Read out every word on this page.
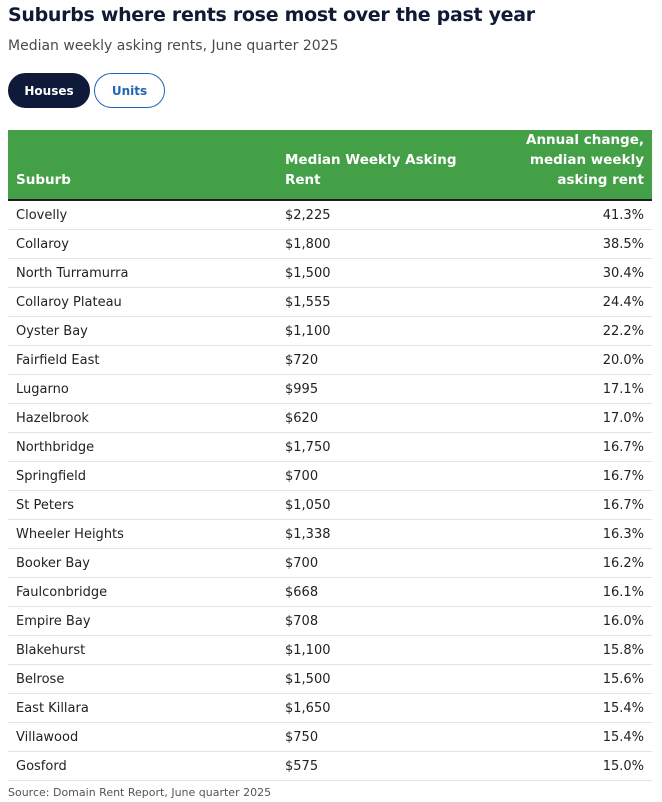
Suburbs where rents rose most over the past year
Median weekly asking rents, June quarter 2025
Houses	Units
Suburb	Median Weekly Asking Rent	Annual change, median weekly asking rent
Clovelly	$2,225	41.3%
Collaroy	$1,800	38.5%
North Turramurra	$1,500	30.4%
Collaroy Plateau	$1,555	24.4%
Oyster Bay	$1,100	22.2%
Fairfield East	$720	20.0%
Lugarno	$995	17.1%
Hazelbrook	$620	17.0%
Northbridge	$1,750	16.7%
Springfield	$700	16.7%
St Peters	$1,050	16.7%
Wheeler Heights	$1,338	16.3%
Booker Bay	$700	16.2%
Faulconbridge	$668	16.1%
Empire Bay	$708	16.0%
Blakehurst	$1,100	15.8%
Belrose	$1,500	15.6%
East Killara	$1,650	15.4%
Villawood	$750	15.4%
Gosford	$575	15.0%
Source: Domain Rent Report, June quarter 2025
